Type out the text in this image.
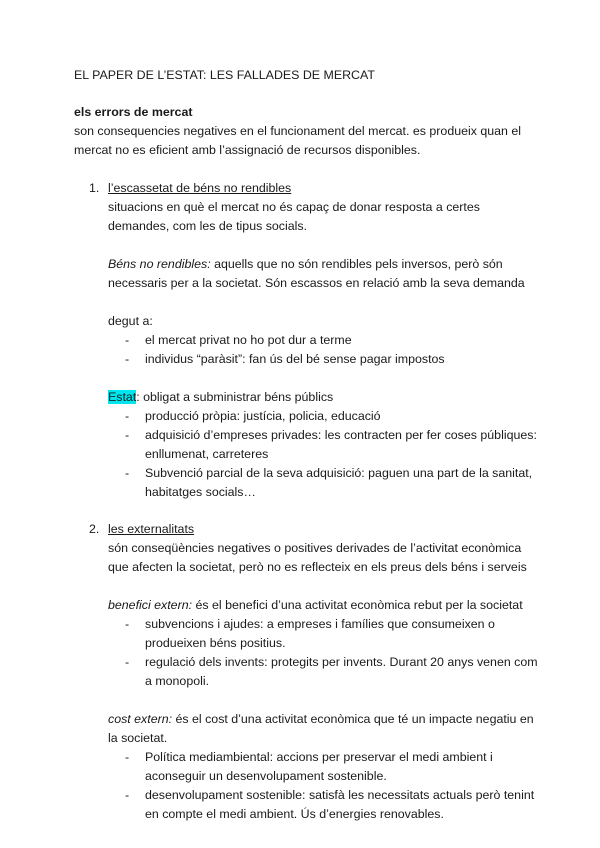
EL PAPER DE L’ESTAT: LES FALLADES DE MERCAT

els errors de mercat

son consequencies negatives en el funcionament del mercat. es produeix quan el mercat no es eficient amb l’assignació de recursos disponibles.

1. l’escassetat de béns no rendibles

situacions en què el mercat no és capaç de donar resposta a certes demandes, com les de tipus socials.

Béns no rendibles: aquells que no són rendibles pels inversos, però són necessaris per a la societat. Són escassos en relació amb la seva demanda

degut a:

- el mercat privat no ho pot dur a terme
- individus “paràsit”: fan ús del bé sense pagar impostos

Estat: obligat a subministrar béns públics

- producció pròpia: justícia, policia, educació
- adquisició d’empreses privades: les contracten per fer coses públiques: enllumenat, carreteres
- Subvenció parcial de la seva adquisició: paguen una part de la sanitat, habitatges socials…
2. les externalitats

són conseqüències negatives o positives derivades de l’activitat econòmica que afecten la societat, però no es reflecteix en els preus dels béns i serveis

benefici extern: és el benefici d’una activitat econòmica rebut per la societat

- subvencions i ajudes: a empreses i famílies que consumeixen o produeixen béns positius.
- regulació dels invents: protegits per invents. Durant 20 anys venen com a monopoli.

cost extern: és el cost d’una activitat econòmica que té un impacte negatiu en la societat.

- Política mediambiental: accions per preservar el medi ambient i aconseguir un desenvolupament sostenible.
- desenvolupament sostenible: satisfà les necessitats actuals però tenint en compte el medi ambient. Ús d’energies renovables.
